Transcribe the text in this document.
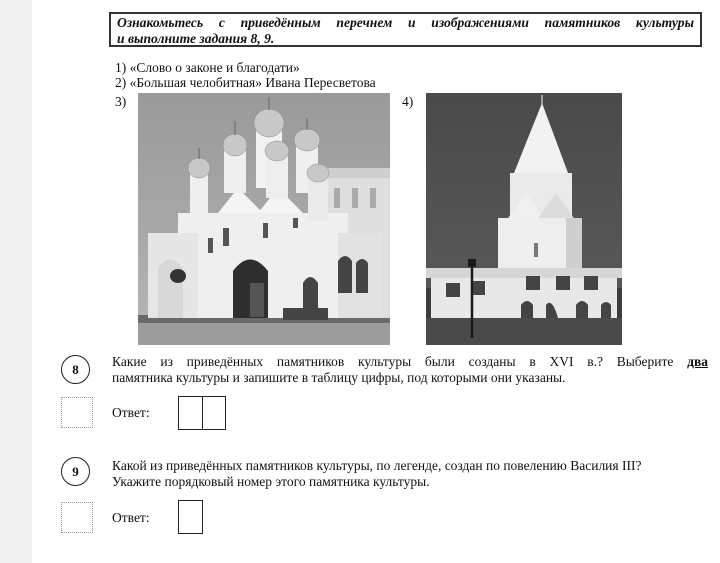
Ознакомьтесь с приведённым перечнем и изображениями памятников культуры
и выполните задания 8, 9.
1) «Слово о законе и благодати»
2) «Большая челобитная» Ивана Пересветова
3)	4)
8
Какие из приведённых памятников культуры были созданы в XVI в.? Выберите два
памятника культуры и запишите в таблицу цифры, под которыми они указаны.
Ответ:
9	Какой из приведённых памятников культуры, по легенде, создан по повелению Василия III?
Укажите порядковый номер этого памятника культуры.
Ответ:
